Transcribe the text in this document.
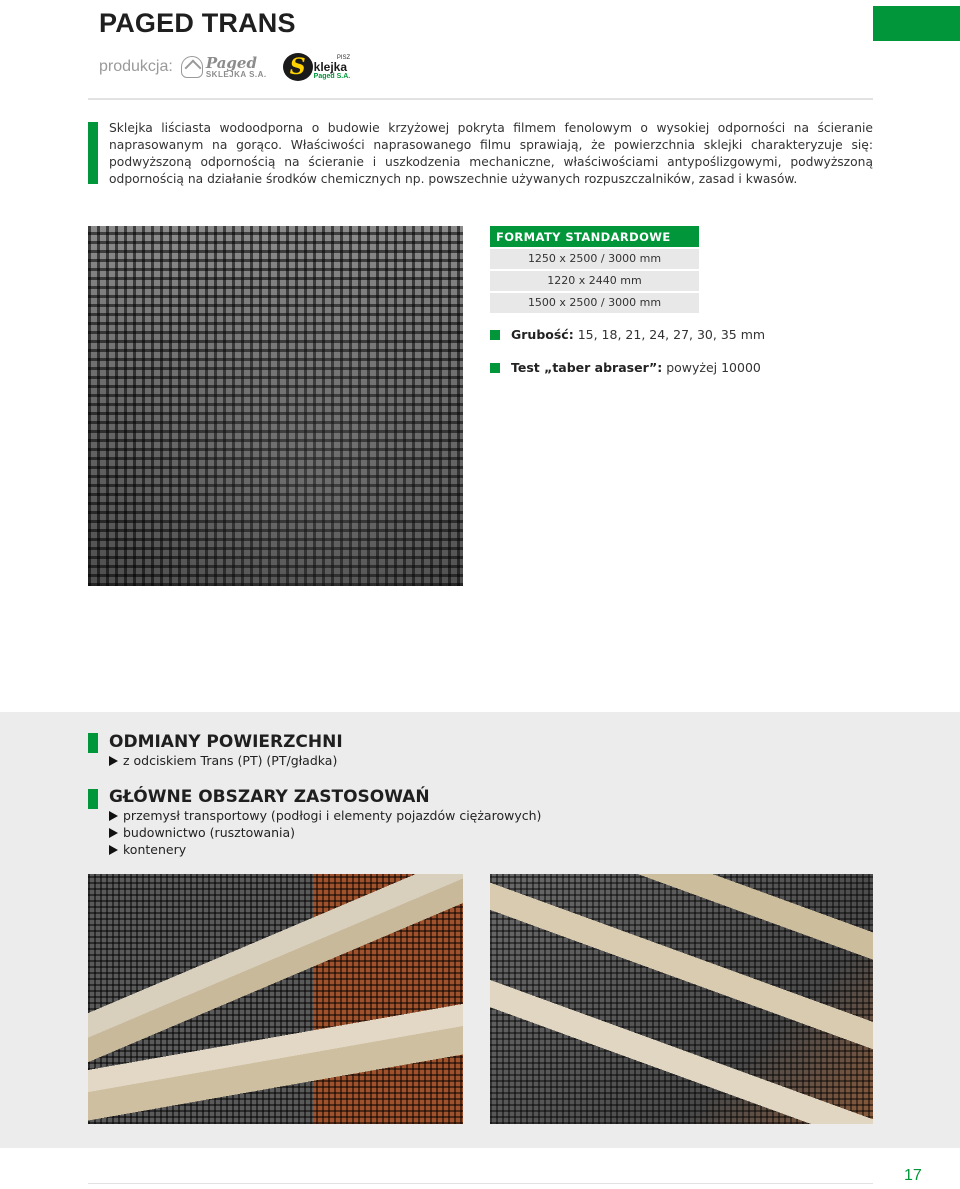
PAGED TRANS
produkcja: Paged
SKLEJKA S.A.	S	PISZ
klejka
Paged S.A.

Sklejka liściasta wodoodporna o budowie krzyżowej pokryta filmem fenolowym o wysokiej odporności na ścieranie naprasowanym na gorąco. Właściwości naprasowanego filmu sprawiają, że powierzchnia sklejki charakteryzuje się: podwyższoną odpornością na ścieranie i uszkodzenia mechaniczne, właściwościami antypoślizgowymi, podwyższoną odpornością na działanie środków chemicznych np. powszechnie używanych rozpuszczalników, zasad i kwasów.

FORMATY STANDARDOWE
1250 x 2500 / 3000 mm
1220 x 2440 mm
1500 x 2500 / 3000 mm
Grubość:
15, 18, 21, 24, 27, 30, 35 mm
Test „taber abraser”:
powyżej 10000
ODMIANY POWIERZCHNI
z odciskiem Trans (PT) (PT/gładka)
GŁÓWNE OBSZARY ZASTOSOWAŃ
przemysł transportowy (podłogi i elementy pojazdów ciężarowych)
budownictwo (rusztowania)
kontenery
17
